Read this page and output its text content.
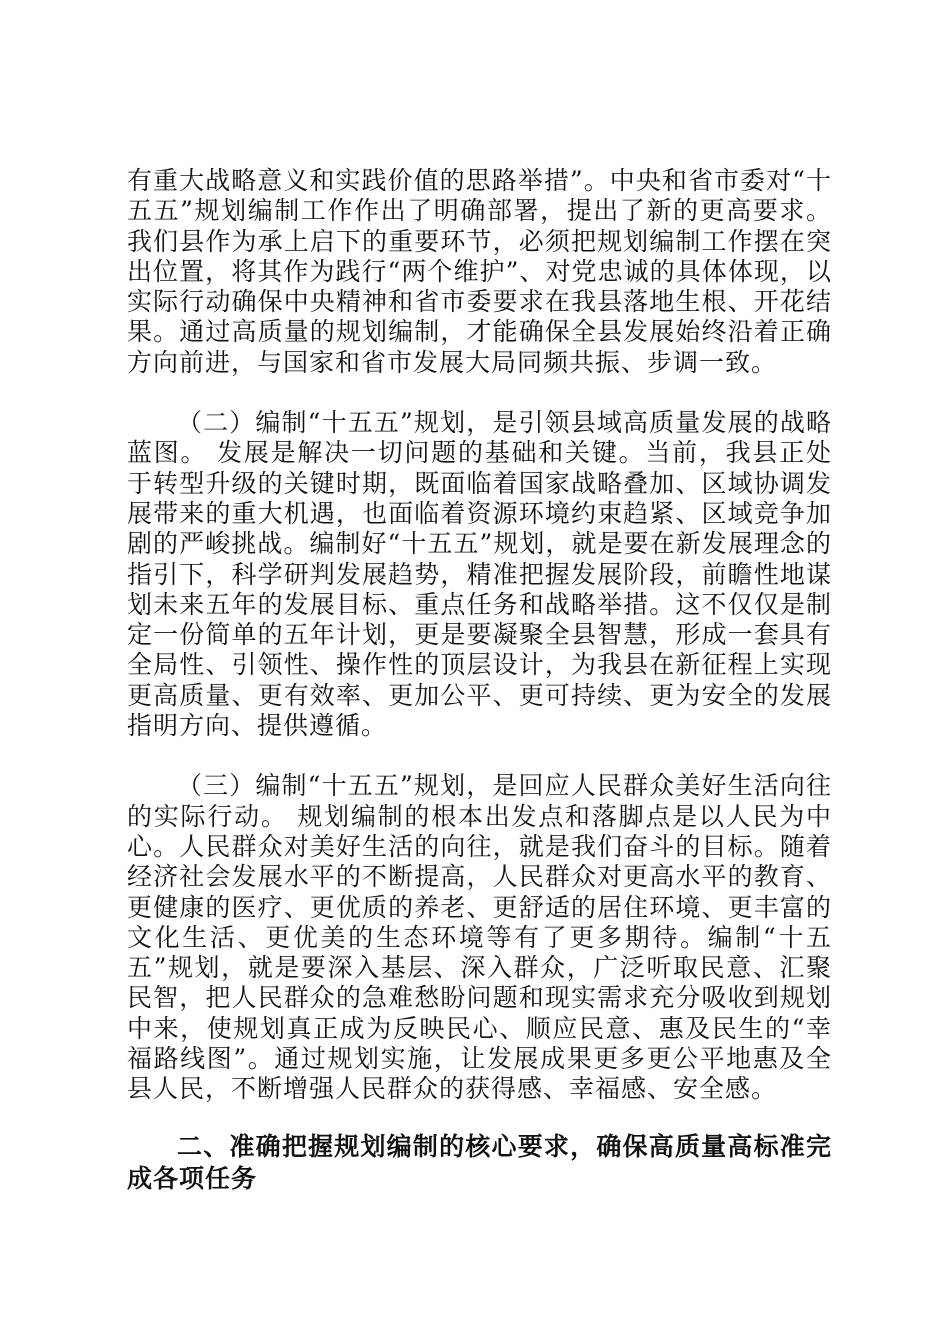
有重大战略意义和实践价值的思路举措”。中央和省市委对“十五五”规划编制工作作出了明确部署，提出了新的更高要求。我们县作为承上启下的重要环节，必须把规划编制工作摆在突出位置，将其作为践行“两个维护”、对党忠诚的具体体现，以实际行动确保中央精神和省市委要求在我县落地生根、开花结果。通过高质量的规划编制，才能确保全县发展始终沿着正确方向前进，与国家和省市发展大局同频共振、步调一致。

（二）编制“十五五”规划，是引领县域高质量发展的战略蓝图。 发展是解决一切问题的基础和关键。当前，我县正处于转型升级的关键时期，既面临着国家战略叠加、区域协调发展带来的重大机遇，也面临着资源环境约束趋紧、区域竞争加剧的严峻挑战。编制好“十五五”规划，就是要在新发展理念的指引下，科学研判发展趋势，精准把握发展阶段，前瞻性地谋划未来五年的发展目标、重点任务和战略举措。这不仅仅是制定一份简单的五年计划，更是要凝聚全县智慧，形成一套具有全局性、引领性、操作性的顶层设计，为我县在新征程上实现更高质量、更有效率、更加公平、更可持续、更为安全的发展指明方向、提供遵循。

（三）编制“十五五”规划，是回应人民群众美好生活向往的实际行动。 规划编制的根本出发点和落脚点是以人民为中心。人民群众对美好生活的向往，就是我们奋斗的目标。随着经济社会发展水平的不断提高，人民群众对更高水平的教育、更健康的医疗、更优质的养老、更舒适的居住环境、更丰富的文化生活、更优美的生态环境等有了更多期待。编制“十五五”规划，就是要深入基层、深入群众，广泛听取民意、汇聚民智，把人民群众的急难愁盼问题和现实需求充分吸收到规划中来，使规划真正成为反映民心、顺应民意、惠及民生的“幸福路线图”。通过规划实施，让发展成果更多更公平地惠及全县人民，不断增强人民群众的获得感、幸福感、安全感。

二、准确把握规划编制的核心要求，确保高质量高标准完成各项任务
